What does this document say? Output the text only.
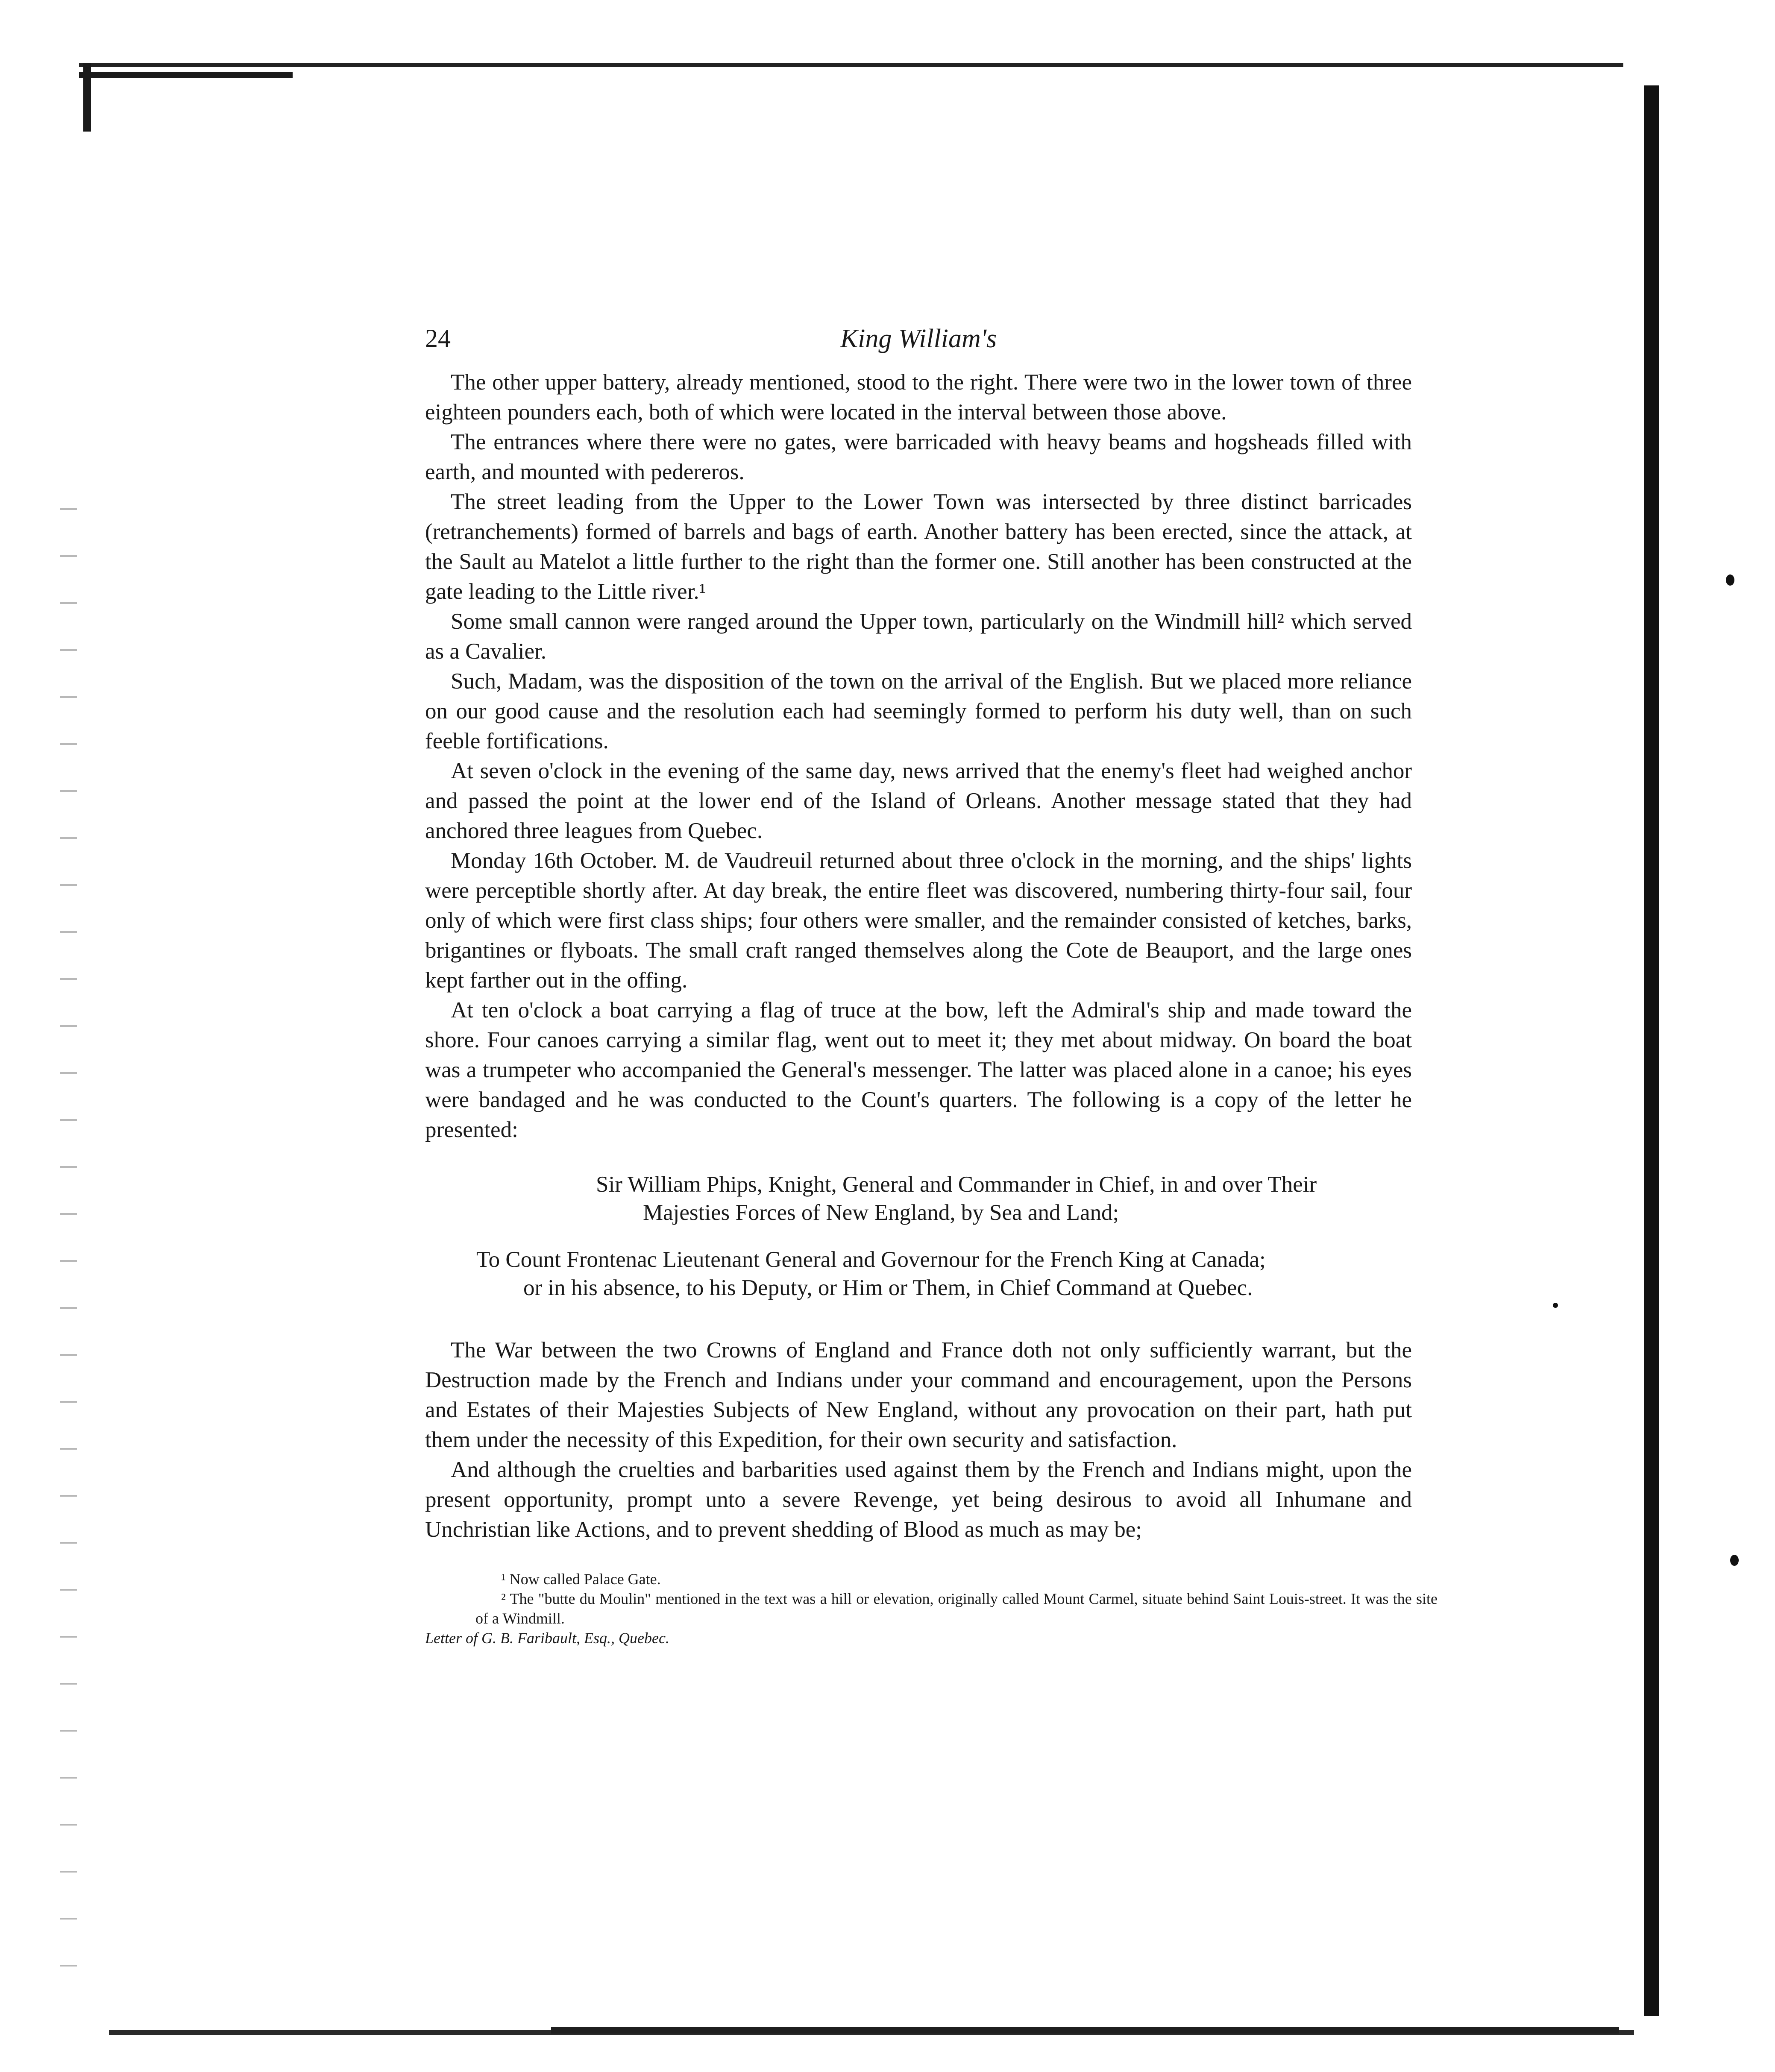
24	King William's

The other upper battery, already mentioned, stood to the right. There were two in the lower town of three eighteen pounders each, both of which were located in the interval between those above.

The entrances where there were no gates, were barricaded with heavy beams and hogsheads filled with earth, and mounted with pedereros.

The street leading from the Upper to the Lower Town was intersected by three distinct barricades (retranchements) formed of barrels and bags of earth. Another battery has been erected, since the attack, at the Sault au Matelot a little further to the right than the former one. Still another has been constructed at the gate leading to the Little river.¹

Some small cannon were ranged around the Upper town, particularly on the Windmill hill² which served as a Cavalier.

Such, Madam, was the disposition of the town on the arrival of the English. But we placed more reliance on our good cause and the resolution each had seemingly formed to perform his duty well, than on such feeble fortifications.

At seven o'clock in the evening of the same day, news arrived that the enemy's fleet had weighed anchor and passed the point at the lower end of the Island of Orleans. Another message stated that they had anchored three leagues from Quebec.

Monday 16th October. M. de Vaudreuil returned about three o'clock in the morning, and the ships' lights were perceptible shortly after. At day break, the entire fleet was discovered, numbering thirty-four sail, four only of which were first class ships; four others were smaller, and the remainder consisted of ketches, barks, brigantines or flyboats. The small craft ranged themselves along the Cote de Beauport, and the large ones kept farther out in the offing.

At ten o'clock a boat carrying a flag of truce at the bow, left the Admiral's ship and made toward the shore. Four canoes carrying a similar flag, went out to meet it; they met about midway. On board the boat was a trumpeter who accompanied the General's messenger. The latter was placed alone in a canoe; his eyes were bandaged and he was conducted to the Count's quarters. The following is a copy of the letter he presented:

Sir William Phips, Knight, General and Commander in Chief, in and over Their
Majesties Forces of New England, by Sea and Land;

To Count Frontenac Lieutenant General and Governour for the French King at Canada;
or in his absence, to his Deputy, or Him or Them, in Chief Command at Quebec.

The War between the two Crowns of England and France doth not only sufficiently warrant, but the Destruction made by the French and Indians under your command and encouragement, upon the Persons and Estates of their Majesties Subjects of New England, without any provocation on their part, hath put them under the necessity of this Expedition, for their own security and satisfaction.

And although the cruelties and barbarities used against them by the French and Indians might, upon the present opportunity, prompt unto a severe Revenge, yet being desirous to avoid all Inhumane and Unchristian like Actions, and to prevent shedding of Blood as much as may be;

¹ Now called Palace Gate.

² The "butte du Moulin" mentioned in the text was a hill or elevation, originally called Mount Carmel, situate behind Saint Louis-street. It was the site of a Windmill. Letter of G. B. Faribault, Esq., Quebec.
